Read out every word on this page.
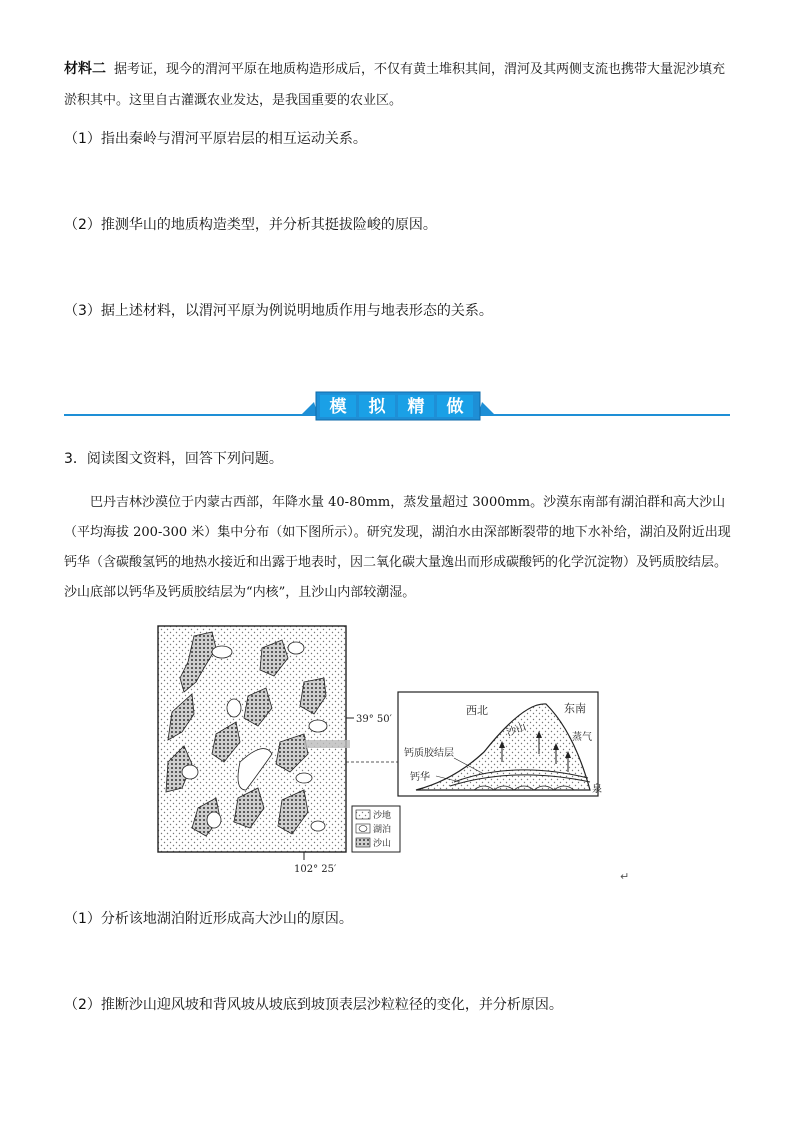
材料二 据考证，现今的渭河平原在地质构造形成后，不仅有黄土堆积其间，渭河及其两侧支流也携带大量泥沙填充淤积其中。这里自古灌溉农业发达，是我国重要的农业区。
（1）指出秦岭与渭河平原岩层的相互运动关系。
（2）推测华山的地质构造类型，并分析其挺拔险峻的原因。
（3）据上述材料，以渭河平原为例说明地质作用与地表形态的关系。
模 拟 精 做
3．阅读图文资料，回答下列问题。
巴丹吉林沙漠位于内蒙古西部，年降水量 40-80mm，蒸发量超过 3000mm。沙漠东南部有湖泊群和高大沙山（平均海拔 200-300 米）集中分布（如下图所示）。研究发现，湖泊水由深部断裂带的地下水补给，湖泊及附近出现钙华（含碳酸氢钙的地热水接近和出露于地表时，因二氧化碳大量逸出而形成碳酸钙的化学沉淀物）及钙质胶结层。沙山底部以钙华及钙质胶结层为“内核”，且沙山内部较潮湿。
39° 50′
102° 25′
沙地
湖泊
沙山
西北	东南
沙山	蒸气
钙质胶结层
钙华
泉
↵
（1）分析该地湖泊附近形成高大沙山的原因。
（2）推断沙山迎风坡和背风坡从坡底到坡顶表层沙粒粒径的变化，并分析原因。
